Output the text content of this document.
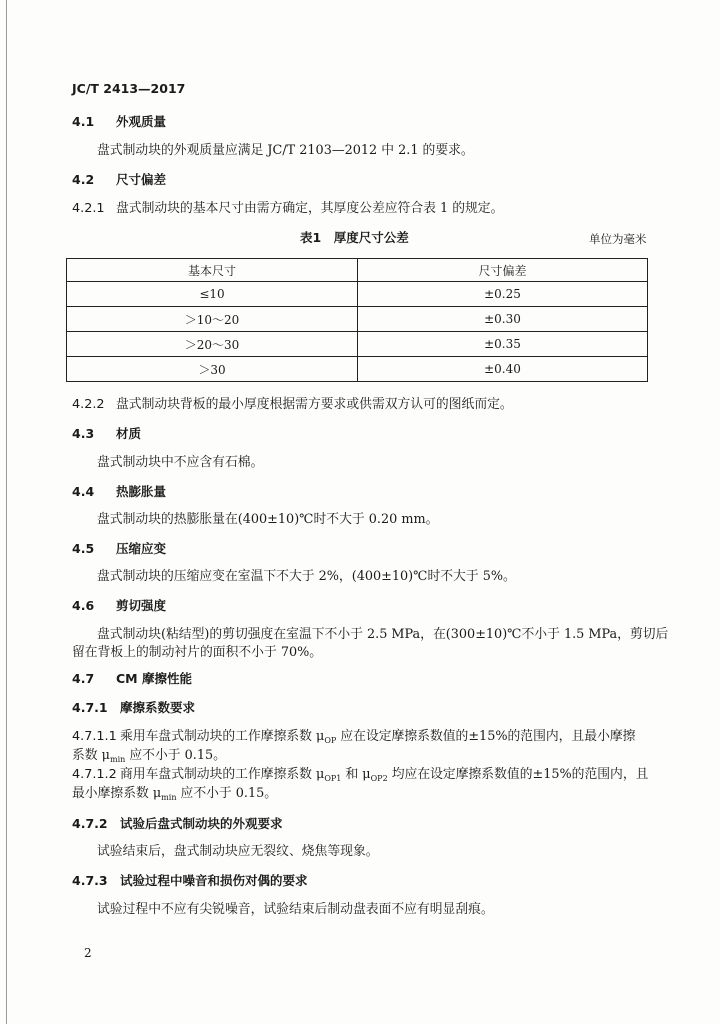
JC/T 2413—2017
4.1 外观质量
盘式制动块的外观质量应满足 JC/T 2103—2012 中 2.1 的要求。
4.2 尺寸偏差
4.2.1 盘式制动块的基本尺寸由需方确定，其厚度公差应符合表 1 的规定。
表1　厚度尺寸公差	单位为毫米
基本尺寸	尺寸偏差
≤10	±0.25
＞10～20	±0.30
＞20～30	±0.35
＞30	±0.40
4.2.2 盘式制动块背板的最小厚度根据需方要求或供需双方认可的图纸而定。
4.3 材质
盘式制动块中不应含有石棉。
4.4 热膨胀量
盘式制动块的热膨胀量在(400±10)℃时不大于 0.20 mm。
4.5 压缩应变
盘式制动块的压缩应变在室温下不大于 2%，(400±10)℃时不大于 5%。
4.6 剪切强度
盘式制动块(粘结型)的剪切强度在室温下不小于 2.5 MPa，在(300±10)℃不小于 1.5 MPa，剪切后
留在背板上的制动衬片的面积不小于 70%。
4.7 CM 摩擦性能
4.7.1 摩擦系数要求
4.7.1.1 乘用车盘式制动块的工作摩擦系数 $\mu_{OP}$ 应在设定摩擦系数值的±15%的范围内，且最小摩擦
系数 $\mu_{min}$ 应不小于 0.15。
4.7.1.2 商用车盘式制动块的工作摩擦系数 $\mu_{OP1}$ 和 $\mu_{OP2}$ 均应在设定摩擦系数值的±15%的范围内，且
最小摩擦系数 $\mu_{min}$ 应不小于 0.15。
4.7.2 试验后盘式制动块的外观要求
试验结束后，盘式制动块应无裂纹、烧焦等现象。
4.7.3 试验过程中噪音和损伤对偶的要求
试验过程中不应有尖锐噪音，试验结束后制动盘表面不应有明显刮痕。
2
